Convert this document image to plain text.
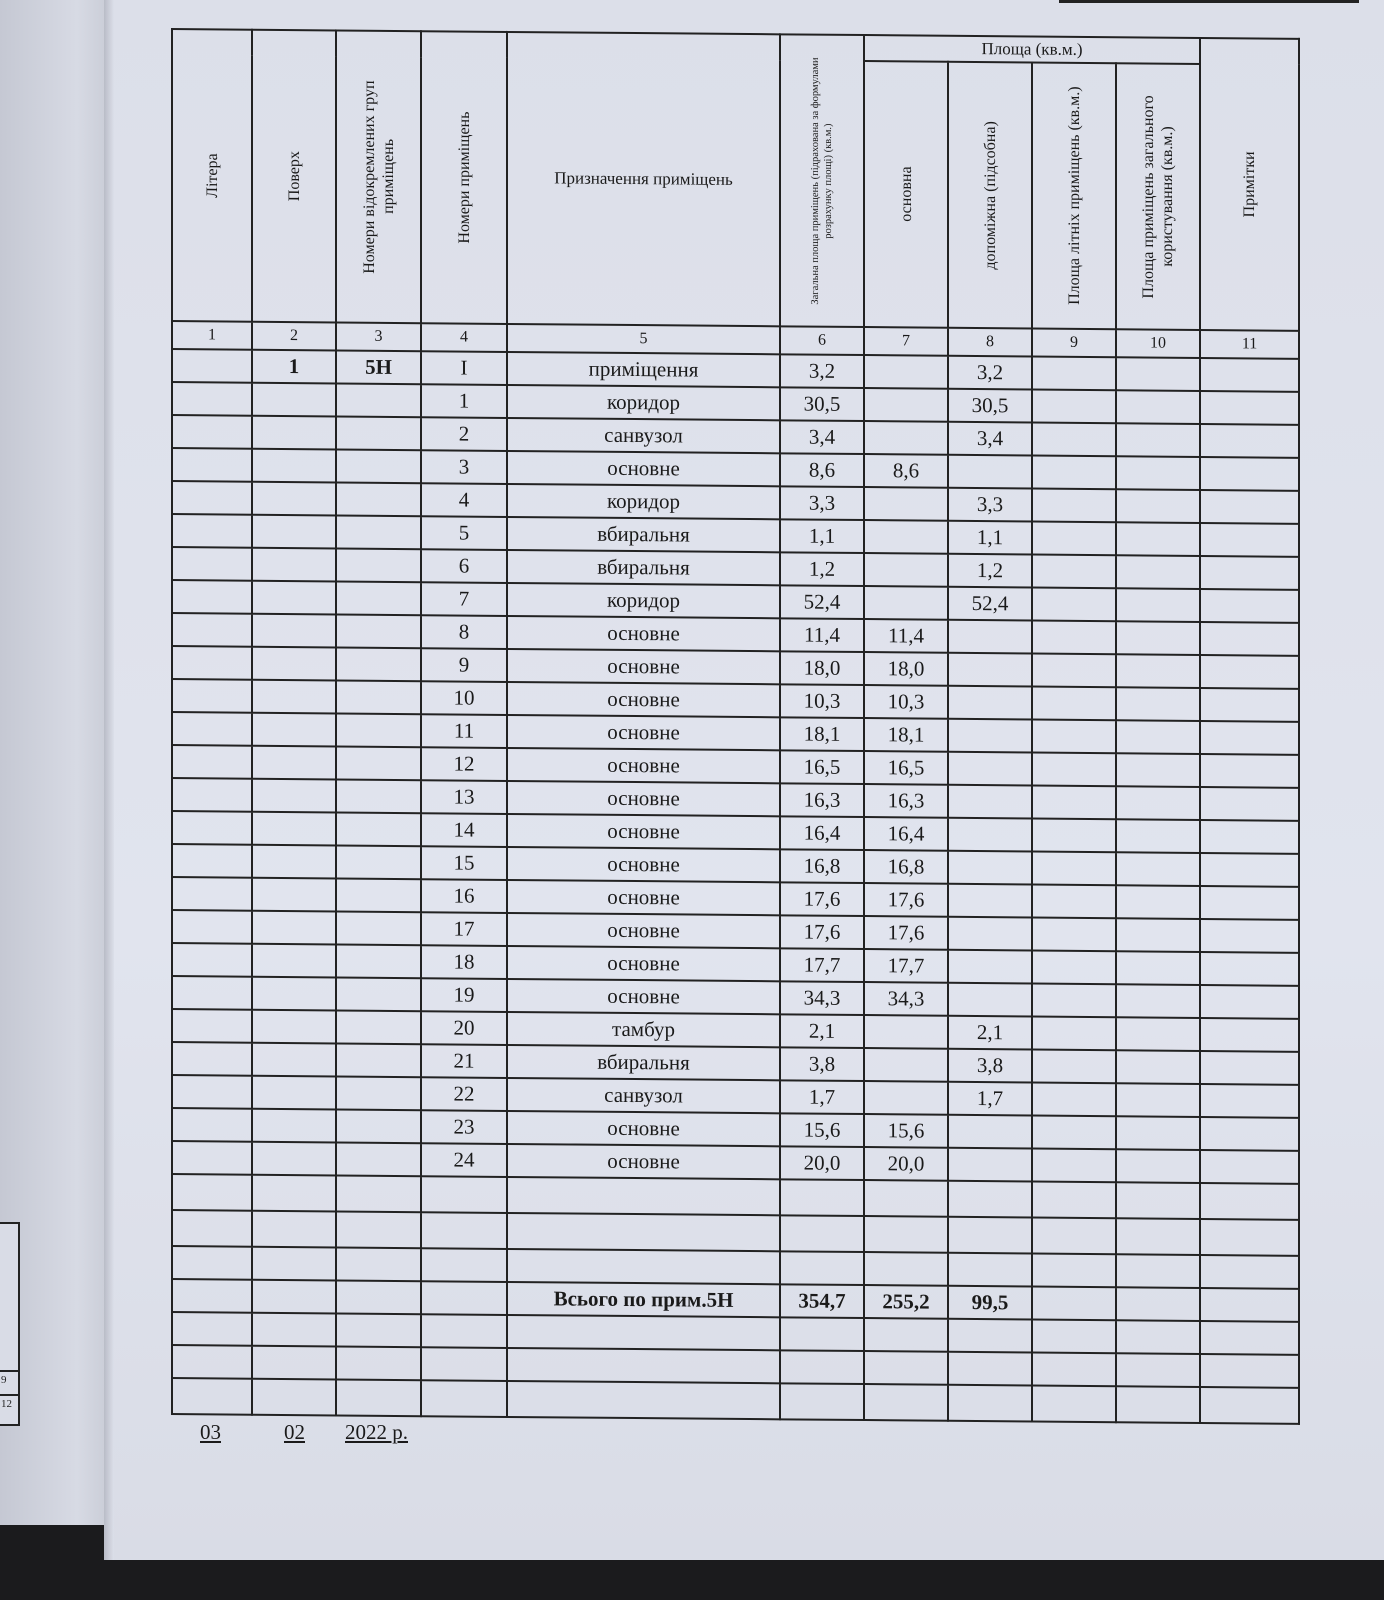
9
12
Літера	Поверх	Номери відокремлених груп приміщень	Номери приміщень	Призначення приміщень	Загальна площа приміщень (підрахована за формулами розрахунку площі) (кв.м.)	Площа (кв.м.)				Примітки

						основна	допоміжна (підсобна)	Площа літніх приміщень (кв.м.)	Площа приміщень загального користування (кв.м.)	

1	2	3	4	5	6	7	8	9	10	11
	1	5Н	I	приміщення	3,2		3,2			
			1	коридор	30,5		30,5			
			2	санвузол	3,4		3,4			
			3	основне	8,6	8,6				
			4	коридор	3,3		3,3			
			5	вбиральня	1,1		1,1			
			6	вбиральня	1,2		1,2			
			7	коридор	52,4		52,4			
			8	основне	11,4	11,4				
			9	основне	18,0	18,0				
			10	основне	10,3	10,3				
			11	основне	18,1	18,1				
			12	основне	16,5	16,5				
			13	основне	16,3	16,3				
			14	основне	16,4	16,4				
			15	основне	16,8	16,8				
			16	основне	17,6	17,6				
			17	основне	17,6	17,6				
			18	основне	17,7	17,7				
			19	основне	34,3	34,3				
			20	тамбур	2,1		2,1			
			21	вбиральня	3,8		3,8			
			22	санвузол	1,7		1,7			
			23	основне	15,6	15,6				
			24	основне	20,0	20,0				

				Всього по прим.5Н	354,7	255,2	99,5			

03	02 2022 р.
